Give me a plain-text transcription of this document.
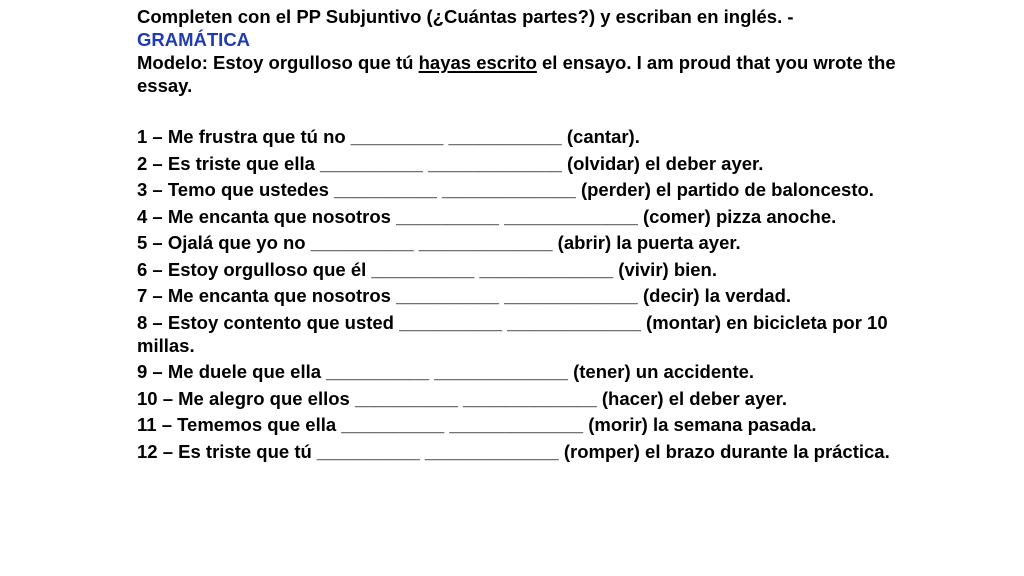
Completen con el PP Subjuntivo (¿Cuántas partes?) y escriban en inglés. - GRAMÁTICA
Modelo: Estoy orgulloso que tú hayas escrito el ensayo. I am proud that you wrote the essay.
1 – Me frustra que tú no _________ ___________ (cantar).
2 – Es triste que ella __________ _____________ (olvidar) el deber ayer.
3 – Temo que ustedes __________ _____________ (perder) el partido de baloncesto.
4 – Me encanta que nosotros __________ _____________ (comer) pizza anoche.
5 – Ojalá que yo no __________ _____________ (abrir) la puerta ayer.
6 – Estoy orgulloso que él __________ _____________ (vivir) bien.
7 – Me encanta que nosotros __________ _____________ (decir) la verdad.
8 – Estoy contento que usted __________ _____________ (montar) en bicicleta por 10 millas.
9 – Me duele que ella __________ _____________ (tener) un accidente.
10 – Me alegro que ellos __________ _____________ (hacer) el deber ayer.
11 – Tememos que ella __________ _____________ (morir) la semana pasada.
12 – Es triste que tú __________ _____________ (romper) el brazo durante la práctica.
